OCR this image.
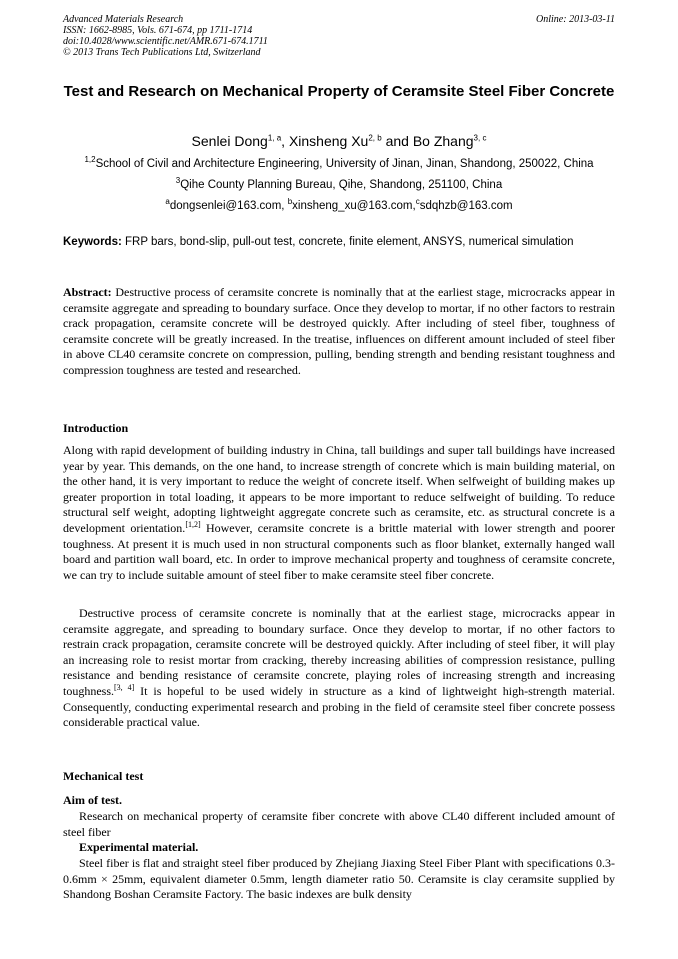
Advanced Materials Research
ISSN: 1662-8985, Vols. 671-674, pp 1711-1714
doi:10.4028/www.scientific.net/AMR.671-674.1711
© 2013 Trans Tech Publications Ltd, Switzerland
Online: 2013-03-11
Test and Research on Mechanical Property of Ceramsite Steel Fiber Concrete
Senlei Dong$^{1, a}$, Xinsheng Xu$^{2, b}$ and Bo Zhang$^{3, c}$
$^{1,2}$School of Civil and Architecture Engineering, University of Jinan, Jinan, Shandong, 250022, China
$^3$Qihe County Planning Bureau, Qihe, Shandong, 251100, China
$^a$dongsenlei@163.com, $^b$xinsheng_xu@163.com,$^c$sdqhzb@163.com
Keywords: FRP bars, bond-slip, pull-out test, concrete, finite element, ANSYS, numerical simulation
Abstract: Destructive process of ceramsite concrete is nominally that at the earliest stage, microcracks appear in ceramsite aggregate and spreading to boundary surface. Once they develop to mortar, if no other factors to restrain crack propagation, ceramsite concrete will be destroyed quickly. After including of steel fiber, toughness of ceramsite concrete will be greatly increased. In the treatise, influences on different amount included of steel fiber in above CL40 ceramsite concrete on compression, pulling, bending strength and bending resistant toughness and compression toughness are tested and researched.
Introduction
Along with rapid development of building industry in China, tall buildings and super tall buildings have increased year by year. This demands, on the one hand, to increase strength of concrete which is main building material, on the other hand, it is very important to reduce the weight of concrete itself. When selfweight of building makes up greater proportion in total loading, it appears to be more important to reduce selfweight of building. To reduce structural self weight, adopting lightweight aggregate concrete such as ceramsite, etc. as structural concrete is a development orientation.[1,2] However, ceramsite concrete is a brittle material with lower strength and poorer toughness. At present it is much used in non structural components such as floor blanket, externally hanged wall board and partition wall board, etc. In order to improve mechanical property and toughness of ceramsite concrete, we can try to include suitable amount of steel fiber to make ceramsite steel fiber concrete.
Destructive process of ceramsite concrete is nominally that at the earliest stage, microcracks appear in ceramsite aggregate, and spreading to boundary surface. Once they develop to mortar, if no other factors to restrain crack propagation, ceramsite concrete will be destroyed quickly. After including of steel fiber, it will play an increasing role to resist mortar from cracking, thereby increasing abilities of compression resistance, pulling resistance and bending resistance of ceramsite concrete, playing roles of increasing strength and increasing toughness.[3, 4] It is hopeful to be used widely in structure as a kind of lightweight high-strength material. Consequently, conducting experimental research and probing in the field of ceramsite steel fiber concrete possess considerable practical value.
Mechanical test
Aim of test.
Research on mechanical property of ceramsite fiber concrete with above CL40 different included amount of steel fiber
Experimental material.
Steel fiber is flat and straight steel fiber produced by Zhejiang Jiaxing Steel Fiber Plant with specifications 0.3-0.6mm × 25mm, equivalent diameter 0.5mm, length diameter ratio 50. Ceramsite is clay ceramsite supplied by Shandong Boshan Ceramsite Factory. The basic indexes are bulk density
